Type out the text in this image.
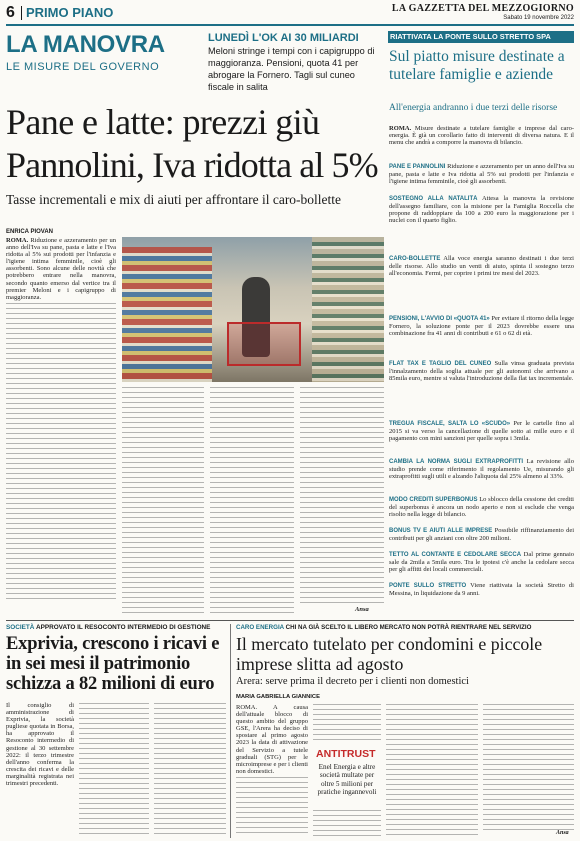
6 PRIMO PIANO	LA GAZZETTA DEL MEZZOGIORNO
Sabato 19 novembre 2022
LA MANOVRA
LE MISURE DEL GOVERNO
LUNEDÌ L'OK AI 30 MILIARDI
Meloni stringe i tempi con i capigruppo di maggioranza. Pensioni, quota 41 per abrogare la Fornero. Tagli sul cuneo fiscale in salita
RIATTIVATA LA PONTE SULLO STRETTO SPA
Sul piatto misure destinate a tutelare famiglie e aziende
All'energia andranno i due terzi delle risorse
ROMA. Misure destinate a tutelare famiglie e imprese dal caro-energia. È già un corollario fatto di interventi di diversa natura. E il menu che andrà a comporre la manovra di bilancio.
PANE E PANNOLINI Riduzione e azzeramento per un anno dell'Iva su pane, pasta e latte e Iva ridotta al 5% sui prodotti per l'infanzia e l'igiene intima femminile, cioè gli assorbenti.
SOSTEGNO ALLA NATALITÀ Attesa la manovra la revisione dell'assegno familiare, con la misione per la Famiglia Roccella che propone di raddoppiare da 100 a 200 euro la maggiorazione per i nuclei con il quarto figlio.
CARO-BOLLETTE Alla voce energia saranno destinati i due terzi delle risorse. Allo studio un venti di aiuto, spinta il sostegno terzo all'economia. Fermi, per coprire i primi tre mesi del 2023.
PENSIONI, L'AVVIO DI «QUOTA 41» Per evitare il ritorno della legge Fornero, la soluzione ponte per il 2023 dovrebbe essere una combinazione fra 41 anni di contributi e 61 o 62 di età.
FLAT TAX E TAGLIO DEL CUNEO Sulla vinsa graduata prevista l'innalzamento della soglia attuale per gli autonomi che arrivano a 85mila euro, mentre si valuta l'introduzione della flat tax incrementale.
TREGUA FISCALE, SALTA LO «SCUDO» Per le cartelle fino al 2015 si va verso la cancellazione di quelle sotto ai mille euro e il pagamento con mini sanzioni per quelle sopra i 3mila.
CAMBIA LA NORMA SUGLI EXTRAPROFITTI La revisione allo studio prende come riferimento il regolamento Ue, misurando gli extraprofitti sugli utili e alzando l'aliquota dal 25% almeno al 33%.
MODO CREDITI SUPERBONUS Lo sblocco della cessione dei crediti del superbonus è ancora un nodo aperto e non si esclude che venga risolto nella legge di bilancio.
BONUS TV E AIUTI ALLE IMPRESE Possibile riffinanziamento dei contributi per gli anziani con oltre 200 milioni.
TETTO AL CONTANTE E CEDOLARE SECCA Dal prime gennaio sale da 2mila a 5mila euro. Tra le ipotesi c'è anche la cedolare secca per gli affitti dei locali commerciali.
PONTE SULLO STRETTO Viene riattivata la società Stretto di Messina, in liquidazione da 9 anni.
Pane e latte: prezzi giù
Pannolini, Iva ridotta al 5%
Tasse incrementali e mix di aiuti per affrontare il caro-bollette
ENRICA PIOVAN
ROMA. Riduzione e azzeramento per un anno dell'Iva su pane, pasta e latte e l'Iva ridotta al 5% sui prodotti per l'infanzia e l'igiene intima femminile, cioè gli assorbenti. Sono alcune delle novità che potrebbero entrare nella manovra, secondo quanto emerso dal vertice tra il premier Meloni e i capigruppo di maggioranza.
Ansa
SOCIETÀ APPROVATO IL RESOCONTO INTERMEDIO DI GESTIONE
Exprivia, crescono i ricavi e in sei mesi il patrimonio schizza a 82 milioni di euro
Il consiglio di amministrazione di Exprivia, la società pugliese quotata in Borsa, ha approvato il Resoconto intermedio di gestione al 30 settembre 2022: il terzo trimestre dell'anno conferma la crescita dei ricavi e delle marginalità registrata nei trimestri precedenti.
CARO ENERGIA CHI NA GIÀ SCELTO IL LIBERO MERCATO NON POTRÀ RIENTRARE NEL SERVIZIO
Il mercato tutelato per condomini e piccole imprese slitta ad agosto
Arera: serve prima il decreto per i clienti non domestici
MARIA GABRIELLA GIANNICE
ROMA. A causa dell'attuale blocco di questo ambito del gruppo GSE, l'Arera ha deciso di spostare al primo agosto 2023 la data di attivazione del Servizio a tutele graduali (STG) per le microimprese e per i clienti non domestici.
ANTITRUST
Enel Energia e altre società multate per oltre 5 milioni per pratiche ingannevoli
Ansa
